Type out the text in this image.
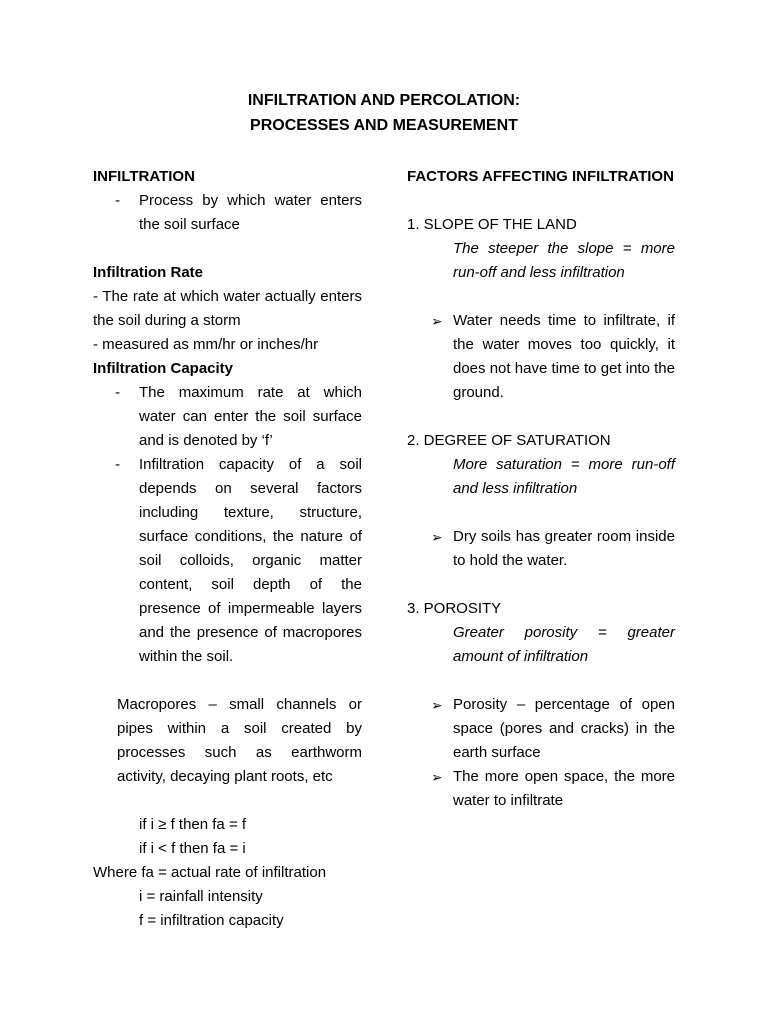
INFILTRATION AND PERCOLATION:
PROCESSES AND MEASUREMENT
INFILTRATION
- Process by which water enters the soil surface
Infiltration Rate
- The rate at which water actually enters the soil during a storm
- measured as mm/hr or inches/hr
Infiltration Capacity
- The maximum rate at which water can enter the soil surface and is denoted by ‘f’
- Infiltration capacity of a soil depends on several factors including texture, structure, surface conditions, the nature of soil colloids, organic matter content, soil depth of the presence of impermeable layers and the presence of macropores within the soil.
Macropores – small channels or pipes within a soil created by processes such as earthworm activity, decaying plant roots, etc
if i ≥ f then fa = f
if i < f then fa = i
Where fa = actual rate of infiltration
i = rainfall intensity
f = infiltration capacity
FACTORS AFFECTING INFILTRATION
1. SLOPE OF THE LAND
The steeper the slope = more run-off and less infiltration
➢ Water needs time to infiltrate, if the water moves too quickly, it does not have time to get into the ground.
2. DEGREE OF SATURATION
More saturation = more run-off and less infiltration
➢ Dry soils has greater room inside to hold the water.
3. POROSITY
Greater porosity = greater amount of infiltration
➢ Porosity – percentage of open space (pores and cracks) in the earth surface
➢ The more open space, the more water to infiltrate
